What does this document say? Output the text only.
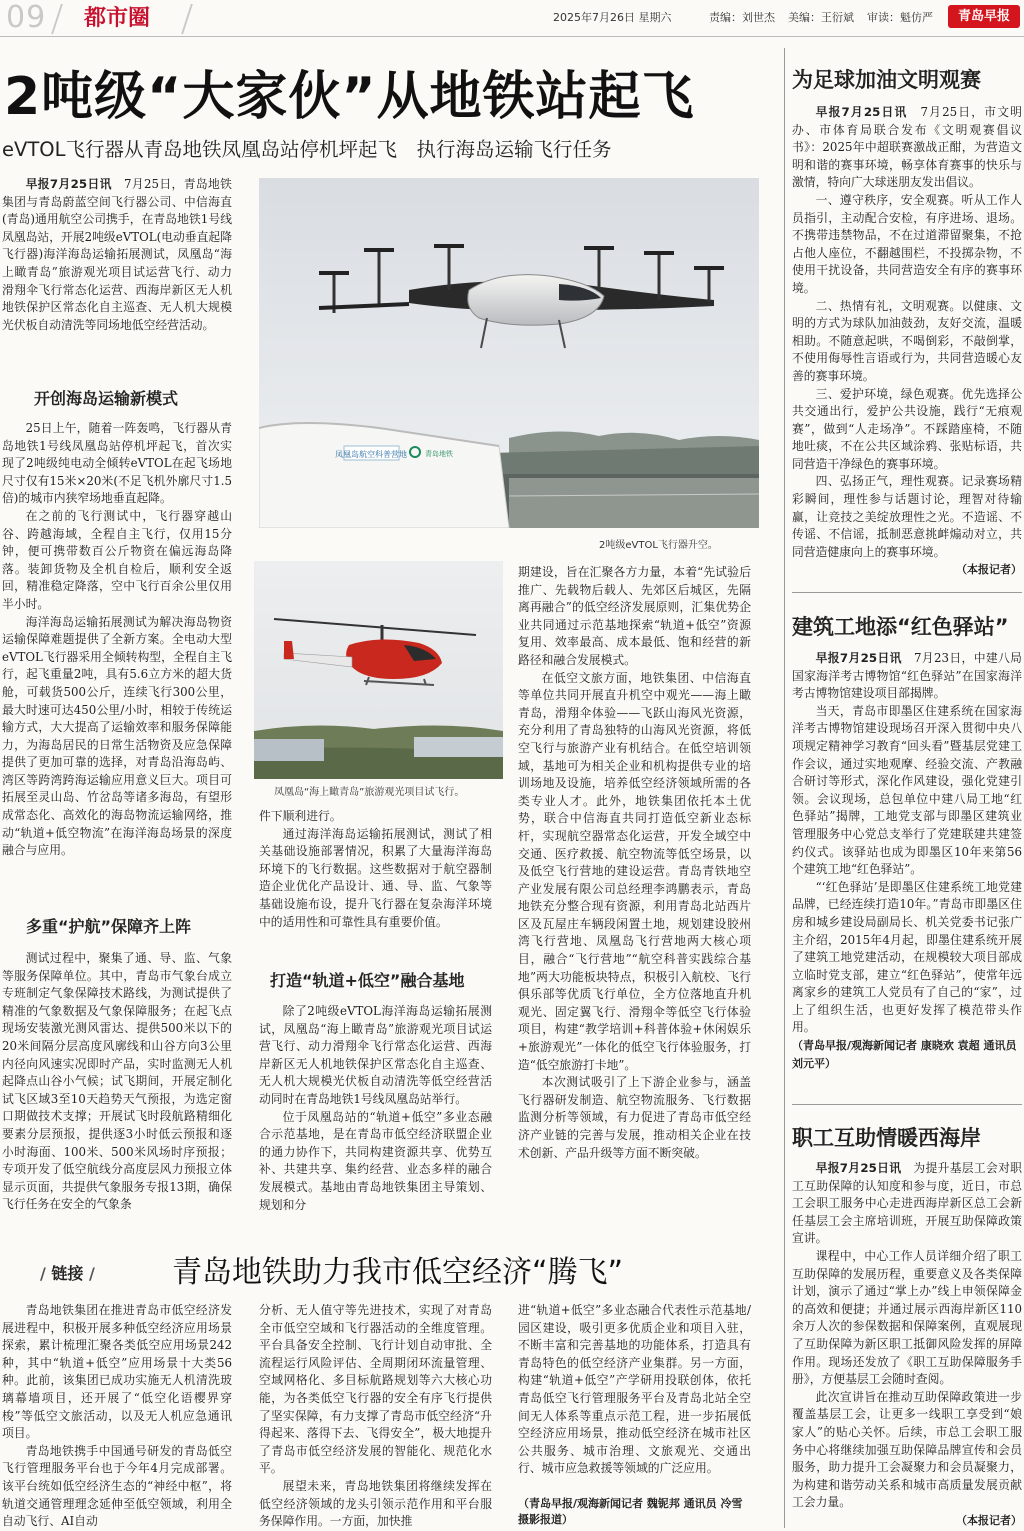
09 都市圈	2025年7月26日 星期六	责编：刘世杰 美编：王衍斌 审读：魁仿严	青岛早报
2吨级“大家伙”从地铁站起飞
eVTOL飞行器从青岛地铁凤凰岛站停机坪起飞　执行海岛运输飞行任务

早报7月25日讯　 7月25日，青岛地铁集团与青岛蔚蓝空间飞行器公司、中信海直(青岛)通用航空公司携手，在青岛地铁1号线凤凰岛站，开展2吨级eVTOL(电动垂直起降飞行器)海洋海岛运输拓展测试，凤凰岛“海上瞰青岛”旅游观光项目试运营飞行、动力滑翔伞飞行常态化运营、西海岸新区无人机地铁保护区常态化自主巡查、无人机大规模光伏板自动清洗等同场地低空经营活动。

开创海岛运输新模式

25日上午，随着一阵轰鸣，飞行器从青岛地铁1号线凤凰岛站停机坪起飞，首次实现了2吨级纯电动全倾转eVTOL在起飞场地尺寸仅有15米×20米(不足飞机外廓尺寸1.5倍)的城市内狭窄场地垂直起降。

在之前的飞行测试中，飞行器穿越山谷、跨越海域，全程自主飞行，仅用15分钟，便可携带数百公斤物资在偏远海岛降落。装卸货物及全机自检后，顺利安全返回，精准稳定降落，空中飞行百余公里仅用半小时。

海洋海岛运输拓展测试为解决海岛物资运输保障难题提供了全新方案。全电动大型eVTOL飞行器采用全倾转构型，全程自主飞行，起飞重量2吨，具有5.6立方米的超大货舱，可载货500公斤，连续飞行300公里，最大时速可达450公里/小时，相较于传统运输方式，大大提高了运输效率和服务保障能力，为海岛居民的日常生活物资及应急保障提供了更加可靠的选择，对青岛沿海岛屿、湾区等跨湾跨海运输应用意义巨大。项目可拓展至灵山岛、竹岔岛等诸多海岛，有望形成常态化、高效化的海岛物流运输网络，推动“轨道+低空物流”在海洋海岛场景的深度融合与应用。

多重“护航”保障齐上阵

测试过程中，聚集了通、导、监、气象等服务保障单位。其中，青岛市气象台成立专班制定气象保障技术路线，为测试提供了精准的气象数据及气象保障服务；在起飞点现场安装激光测风雷达、提供500米以下的20米间隔分层高度风廓线和山谷方向3公里内径向风速实况即时产品，实时监测无人机起降点山谷小气候；试飞期间，开展定制化试飞区域3至10天趋势天气预报，为选定窗口期做技术支撑；开展试飞时段航路精细化要素分层预报，提供逐3小时低云预报和逐小时海面、100米、500米风场时序预报；专项开发了低空航线分高度层风力预报立体显示页面，共提供气象服务专报13期，确保飞行任务在安全的气象条

凤凰岛航空科普营地	青岛地铁
2吨级eVTOL飞行器升空。
凤凰岛“海上瞰青岛”旅游观光项目试飞行。

件下顺利进行。

通过海洋海岛运输拓展测试，测试了相关基础设施部署情况，积累了大量海洋海岛环境下的飞行数据。这些数据对于航空器制造企业优化产品设计、通、导、监、气象等基础设施布设，提升飞行器在复杂海洋环境中的适用性和可靠性具有重要价值。

打造“轨道+低空”融合基地

除了2吨级eVTOL海洋海岛运输拓展测试，凤凰岛“海上瞰青岛”旅游观光项目试运营飞行、动力滑翔伞飞行常态化运营、西海岸新区无人机地铁保护区常态化自主巡查、无人机大规模光伏板自动清洗等低空经营活动同时在青岛地铁1号线凤凰岛站举行。

位于凤凰岛站的“轨道+低空”多业态融合示范基地，是在青岛市低空经济联盟企业的通力协作下，共同构建资源共享、优势互补、共建共享、集约经营、业态多样的融合发展模式。基地由青岛地铁集团主导策划、规划和分

期建设，旨在汇聚各方力量，本着“先试验后推广、先载物后载人、先郊区后城区，先隔离再融合”的低空经济发展原则，汇集优势企业共同通过示范基地探索“轨道+低空”资源复用、效率最高、成本最低、饱和经营的新路径和融合发展模式。

在低空文旅方面，地铁集团、中信海直等单位共同开展直升机空中观光——海上瞰青岛，滑翔伞体验——飞跃山海风光资源，充分利用了青岛独特的山海风光资源，将低空飞行与旅游产业有机结合。在低空培训领域，基地可为相关企业和机构提供专业的培训场地及设施，培养低空经济领域所需的各类专业人才。此外，地铁集团依托本土优势，联合中信海直共同打造低空新业态标杆，实现航空器常态化运营，开发全域空中交通、医疗救援、航空物流等低空场景，以及低空飞行营地的建设运营。青岛青铁地空产业发展有限公司总经理李鸿鹏表示，青岛地铁充分整合现有资源，利用青岛北站西片区及瓦屋庄车辆段闲置土地，规划建设胶州湾飞行营地、凤凰岛飞行营地两大核心项目，融合“飞行营地”“航空科普实践综合基地”两大功能板块特点，积极引入航校、飞行俱乐部等优质飞行单位，全方位落地直升机观光、固定翼飞行、滑翔伞等低空飞行体验项目，构建“教学培训+科普体验+休闲娱乐+旅游观光”一体化的低空飞行体验服务，打造“低空旅游打卡地”。

本次测试吸引了上下游企业参与，涵盖飞行器研发制造、航空物流服务、飞行数据监测分析等领域，有力促进了青岛市低空经济产业链的完善与发展，推动相关企业在技术创新、产品升级等方面不断突破。

/ 链接 /	青岛地铁助力我市低空经济“腾飞”

青岛地铁集团在推进青岛市低空经济发展进程中，积极开展多种低空经济应用场景探索，累计梳理汇聚各类低空应用场景242种，其中“轨道+低空”应用场景十大类56种。此前，该集团已成功实施无人机清洗玻璃幕墙项目，还开展了“低空化语樱界穿梭”等低空文旅活动，以及无人机应急通讯项目。

青岛地铁携手中国通号研发的青岛低空飞行管理服务平台也于今年4月完成部署。该平台统如低空经济生态的“神经中枢”，将轨道交通管理理念延伸至低空领域，利用全自动飞行、AI自动

分析、无人值守等先进技术，实现了对青岛全市低空空域和飞行器活动的全维度管理。平台具备安全控制、飞行计划自动审批、全流程运行风险评估、全周期闭环流量管理、空域网格化、多目标航路规划等六大核心功能，为各类低空飞行器的安全有序飞行提供了坚实保障，有力支撑了青岛市低空经济“升得起来、落得下去、飞得安全”，极大地提升了青岛市低空经济发展的智能化、规范化水平。

展望未来，青岛地铁集团将继续发挥在低空经济领域的龙头引领示范作用和平台服务保障作用。一方面，加快推

进“轨道+低空”多业态融合代表性示范基地/园区建设，吸引更多优质企业和项目入驻，不断丰富和完善基地的功能体系，打造具有青岛特色的低空经济产业集群。另一方面，构建“轨道+低空”产学研用投联创体，依托青岛低空飞行管理服务平台及青岛北站全空间无人体系等重点示范工程，进一步拓展低空经济应用场景，推动低空经济在城市社区公共服务、城市治理、文旅观光、交通出行、城市应急救援等领域的广泛应用。

（青岛早报/观海新闻记者 魏铌邦 通讯员 冷雪 摄影报道）
为足球加油文明观赛

早报7月25日讯　 7月25日，市文明办、市体育局联合发布《文明观赛倡议书》：2025年中超联赛激战正酣，为营造文明和谐的赛事环境，畅享体育赛事的快乐与激情，特向广大球迷朋友发出倡议。

一、遵守秩序，安全观赛。听从工作人员指引，主动配合安检，有序进场、退场。不携带违禁物品，不在过道滞留聚集，不抢占他人座位，不翻越围栏，不投掷杂物，不使用干扰设备，共同营造安全有序的赛事环境。

二、热情有礼，文明观赛。以健康、文明的方式为球队加油鼓劲，友好交流，温暖相助。不随意起哄，不喝倒彩，不敲倒掌，不使用侮辱性言语或行为，共同营造暖心友善的赛事环境。

三、爱护环境，绿色观赛。优先选择公共交通出行，爱护公共设施，践行“无痕观赛”，做到“人走场净”。不踩踏座椅，不随地吐痰，不在公共区域涂鸦、张贴标语，共同营造干净绿色的赛事环境。

四、弘扬正气，理性观赛。记录赛场精彩瞬间，理性参与话题讨论，理智对待输赢，让竞技之美绽放理性之光。不造谣、不传谣、不信谣，抵制恶意挑衅煽动对立，共同营造健康向上的赛事环境。

（本报记者）
建筑工地添“红色驿站”

早报7月25日讯　 7月23日，中建八局国家海洋考古博物馆“红色驿站”在国家海洋考古博物馆建设项目部揭牌。

当天，青岛市即墨区住建系统在国家海洋考古博物馆建设现场召开深入贯彻中央八项规定精神学习教育“回头看”暨基层党建工作会议，通过实地观摩、经验交流、产教融合研讨等形式，深化作风建设，强化党建引领。会议现场，总包单位中建八局工地“红色驿站”揭牌，工地党支部与即墨区建筑业管理服务中心党总支举行了党建联建共建签约仪式。该驿站也成为即墨区10年来第56个建筑工地“红色驿站”。

“‘红色驿站’是即墨区住建系统工地党建品牌，已经连续打造10年。”青岛市即墨区住房和城乡建设局副局长、机关党委书记张广主介绍，2015年4月起，即墨住建系统开展了建筑工地党建活动，在规模较大项目部成立临时党支部，建立“红色驿站”，使常年远离家乡的建筑工人党员有了自己的“家”，过上了组织生活，也更好发挥了模范带头作用。

（青岛早报/观海新闻记者 康晓欢 袁超 通讯员 刘元平）
职工互助情暖西海岸

早报7月25日讯　 为提升基层工会对职工互助保障的认知度和参与度，近日，市总工会职工服务中心走进西海岸新区总工会新任基层工会主席培训班，开展互助保障政策宣讲。

课程中，中心工作人员详细介绍了职工互助保障的发展历程，重要意义及各类保障计划，演示了通过“掌上办”线上申领保障金的高效和便捷；并通过展示西海岸新区110余万人次的参保数据和保障案例，直观展现了互助保障为新区职工抵御风险发挥的屏障作用。现场还发放了《职工互助保障服务手册》，方便基层工会随时查阅。

此次宣讲旨在推动互助保障政策进一步覆盖基层工会，让更多一线职工享受到“娘家人”的贴心关怀。后续，市总工会职工服务中心将继续加强互助保障品牌宣传和会员服务，助力提升工会凝聚力和会员凝聚力，为构建和谐劳动关系和城市高质量发展贡献工会力量。

（本报记者）
